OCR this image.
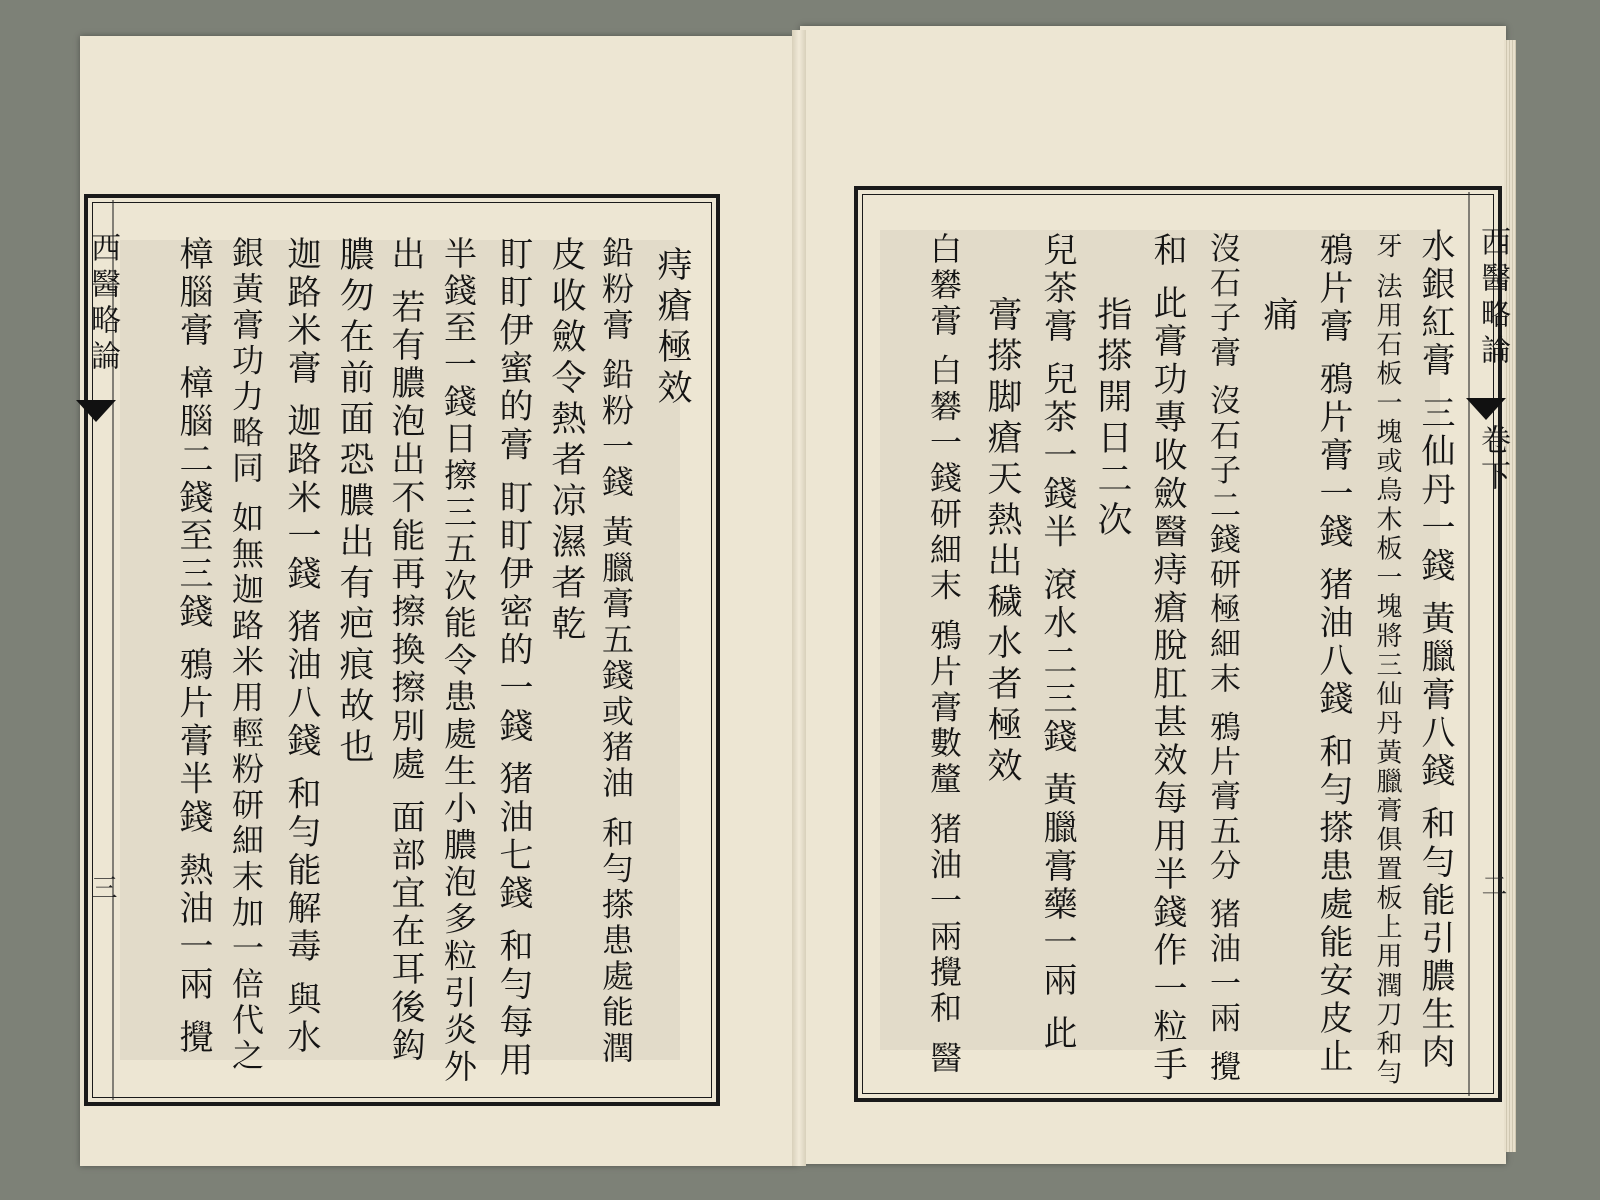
西醫略論
三
痔瘡極效
鉛粉膏 鉛粉一錢 黃臘膏五錢或猪油 和勻搽患處能潤
皮收斂令熱者凉濕者乾
盯盯伊蜜的膏 盯盯伊密的一錢 猪油七錢 和勻每用
半錢至一錢日擦三五次能令患處生小膿泡多粒引炎外
出 若有膿泡出不能再擦換擦別處 面部宜在耳後鈎
膿勿在前面恐膿出有疤痕故也
迦路米膏 迦路米一錢 猪油八錢 和勻能解毒 與水
銀黃膏功力略同 如無迦路米用輕粉研細末加一倍代之
樟腦膏 樟腦二錢至三錢 鴉片膏半錢 熱油一兩 攪	西醫略論
卷下
二
水銀紅膏 三仙丹一錢 黃臘膏八錢 和勻能引膿生肉
牙 法用石板一塊或烏木板一塊將三仙丹黃臘膏俱置板上用潤刀和勻
鴉片膏 鴉片膏一錢 猪油八錢 和勻搽患處能安皮止
痛
沒石子膏 沒石子二錢研極細末 鴉片膏五分 猪油一兩 攪
和 此膏功專收斂醫痔瘡脫肛甚效每用半錢作一粒手
指搽開日二次
兒茶膏 兒茶一錢半 滾水二三錢 黃臘膏藥一兩 此
膏搽脚瘡天熱出穢水者極效
白礬膏 白礬一錢研細末 鴉片膏數釐 猪油一兩攪和 醫
